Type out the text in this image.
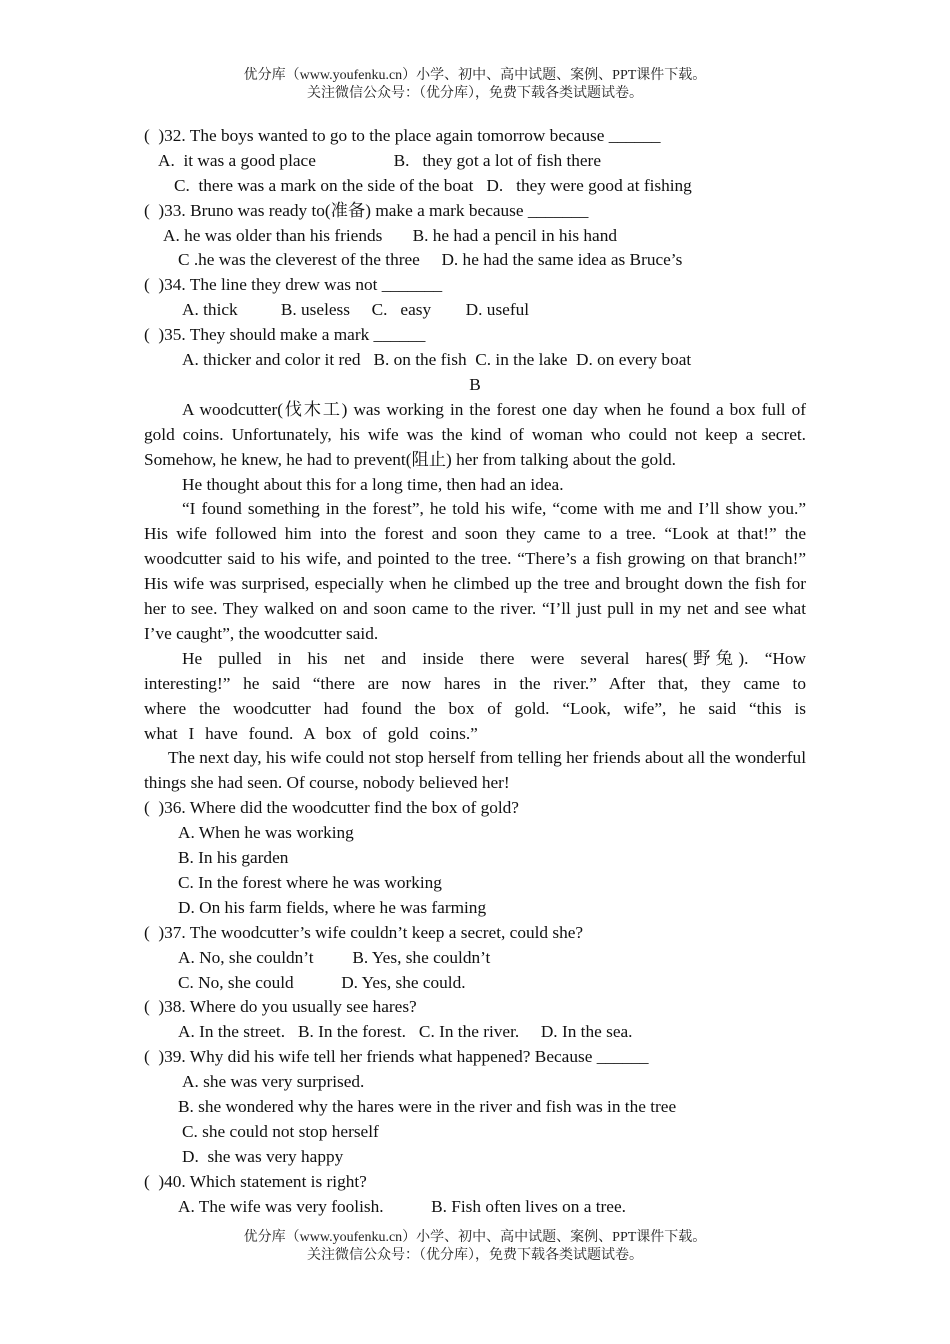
优分库（www.youfenku.cn）小学、初中、高中试题、案例、PPT课件下载。
关注微信公众号：（优分库），免费下载各类试题试卷。
(  )32. The boys wanted to go to the place again tomorrow because ______
A.  it was a good place                  B.   they got a lot of fish there
C.  there was a mark on the side of the boat   D.   they were good at fishing
(  )33. Bruno was ready to(准备) make a mark because _______
A. he was older than his friends       B. he had a pencil in his hand
C .he was the cleverest of the three     D. he had the same idea as Bruce’s
(  )34. The line they drew was not _______
A. thick          B. useless     C.   easy        D. useful
(  )35. They should make a mark ______
A. thicker and color it red   B. on the fish  C. in the lake  D. on every boat
B
A woodcutter(伐木工) was working in the forest one day when he found a box full of gold coins. Unfortunately, his wife was the kind of woman who could not keep a secret. Somehow, he knew, he had to prevent(阻止) her from talking about the gold.
He thought about this for a long time, then had an idea.
“I found something in the forest”, he told his wife, “come with me and I’ll show you.” His wife followed him into the forest and soon they came to a tree. “Look at that!” the woodcutter said to his wife, and pointed to the tree. “There’s a fish growing on that branch!” His wife was surprised, especially when he climbed up the tree and brought down the fish for her to see. They walked on and soon came to the river. “I’ll just pull in my net and see what I’ve caught”, the woodcutter said.
He pulled in his net and inside there were several hares(野兔). “How interesting!” he said “there are now hares in the river.” After that, they came to where the woodcutter had found the box of gold. “Look, wife”, he said “this is what I have found. A box of gold coins.”
The next day, his wife could not stop herself from telling her friends about all the wonderful things she had seen. Of course, nobody believed her!
(  )36. Where did the woodcutter find the box of gold?
A. When he was working
B. In his garden
C. In the forest where he was working
D. On his farm fields, where he was farming
(  )37. The woodcutter’s wife couldn’t keep a secret, could she?
A. No, she couldn’t         B. Yes, she couldn’t
C. No, she could           D. Yes, she could.
(  )38. Where do you usually see hares?
A. In the street.   B. In the forest.   C. In the river.     D. In the sea.
(  )39. Why did his wife tell her friends what happened? Because ______
A. she was very surprised.
B. she wondered why the hares were in the river and fish was in the tree
C. she could not stop herself
D.  she was very happy
(  )40. Which statement is right?
A. The wife was very foolish.           B. Fish often lives on a tree.
优分库（www.youfenku.cn）小学、初中、高中试题、案例、PPT课件下载。
关注微信公众号：（优分库），免费下载各类试题试卷。
